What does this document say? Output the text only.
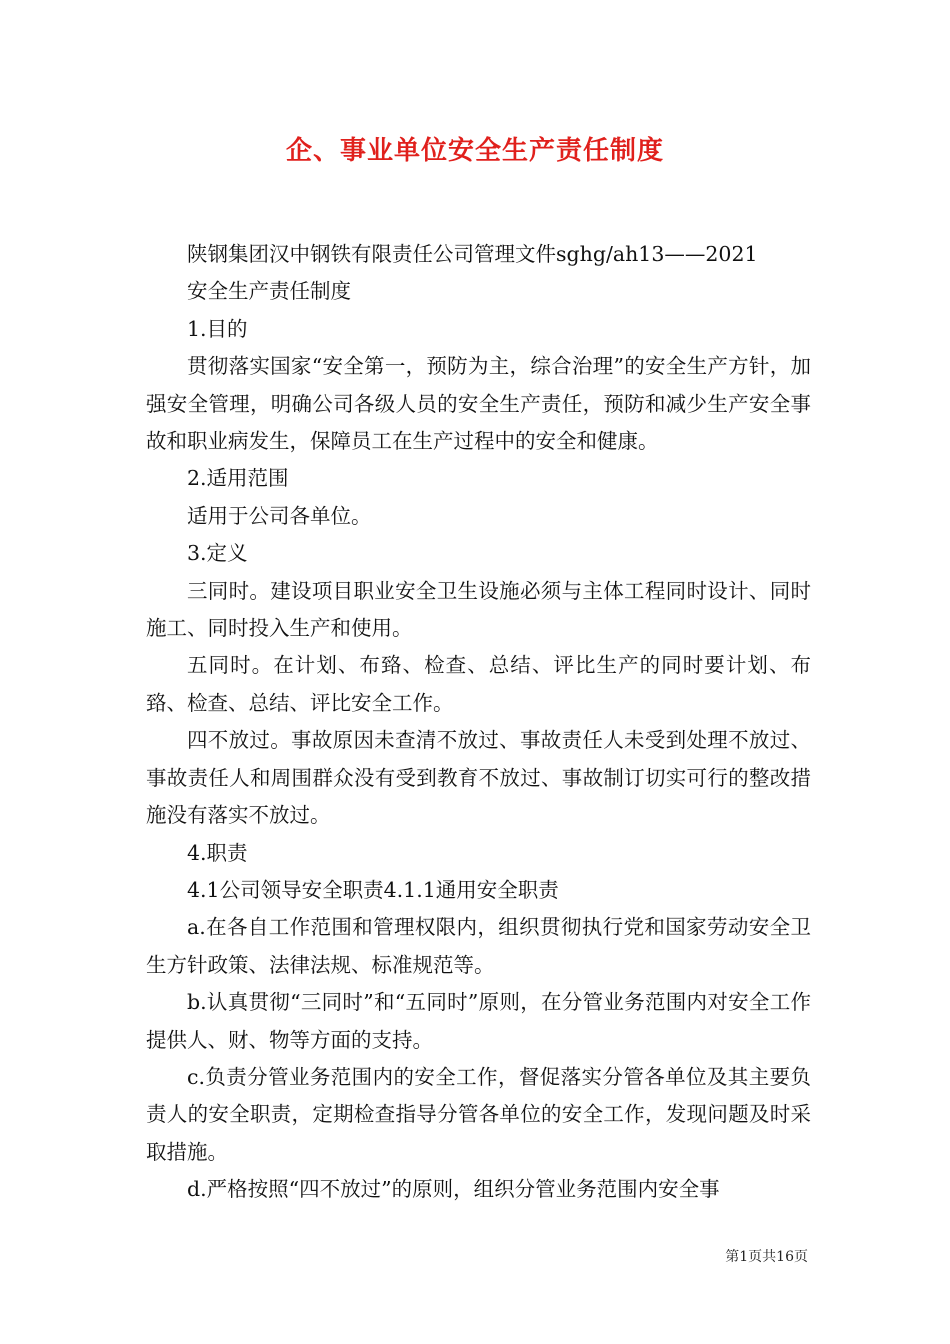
企、事业单位安全生产责任制度

陕钢集团汉中钢铁有限责任公司管理文件sghg/ah13——2021

安全生产责任制度

1.目的

贯彻落实国家“安全第一，预防为主，综合治理”的安全生产方针，加强安全管理，明确公司各级人员的安全生产责任，预防和减少生产安全事故和职业病发生，保障员工在生产过程中的安全和健康。

2.适用范围

适用于公司各单位。

3.定义

三同时。建设项目职业安全卫生设施必须与主体工程同时设计、同时施工、同时投入生产和使用。

五同时。在计划、布臵、检查、总结、评比生产的同时要计划、布臵、检查、总结、评比安全工作。

四不放过。事故原因未查清不放过、事故责任人未受到处理不放过、事故责任人和周围群众没有受到教育不放过、事故制订切实可行的整改措施没有落实不放过。

4.职责

4.1公司领导安全职责4.1.1通用安全职责

a.在各自工作范围和管理权限内，组织贯彻执行党和国家劳动安全卫生方针政策、法律法规、标准规范等。

b.认真贯彻“三同时”和“五同时”原则，在分管业务范围内对安全工作提供人、财、物等方面的支持。

c.负责分管业务范围内的安全工作，督促落实分管各单位及其主要负责人的安全职责，定期检查指导分管各单位的安全工作，发现问题及时采取措施。

d.严格按照“四不放过”的原则，组织分管业务范围内安全事

第1页共16页
